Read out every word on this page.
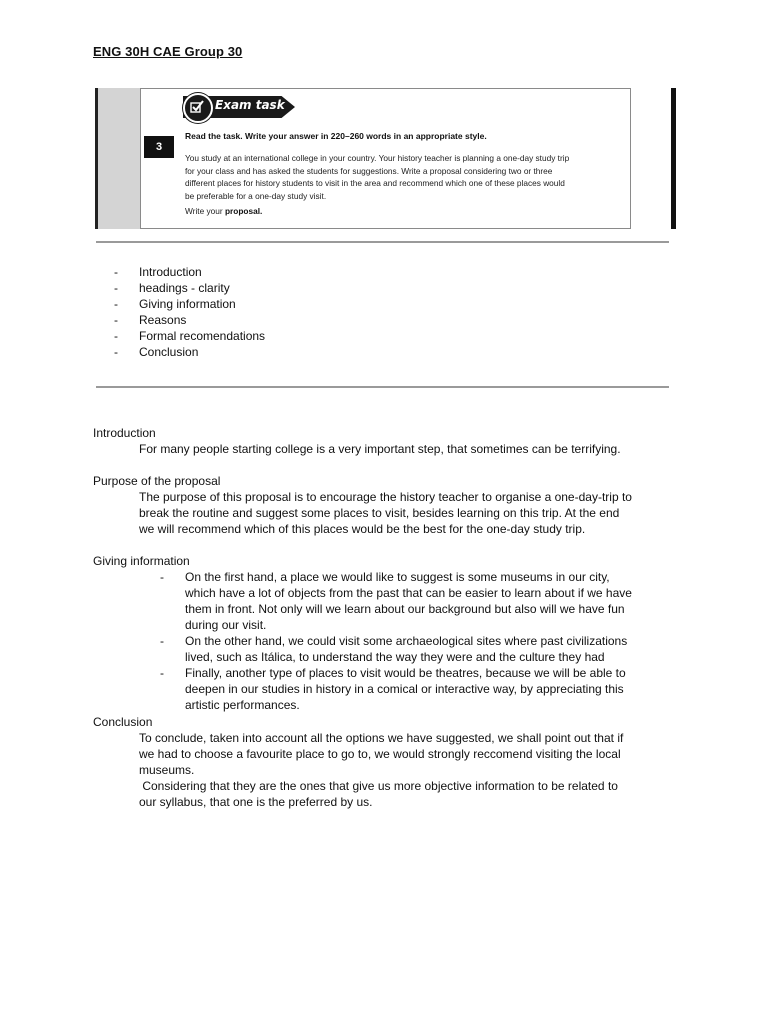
ENG 30H CAE Group 30
Exam task
3
Read the task. Write your answer in 220–260 words in an appropriate style.
You study at an international college in your country. Your history teacher is planning a one-day study trip
for your class and has asked the students for suggestions. Write a proposal considering two or three
different places for history students to visit in the area and recommend which one of these places would
be preferable for a one-day study visit.
Write your proposal.
- Introduction
- headings - clarity
- Giving information
- Reasons
- Formal recomendations
- Conclusion
Introduction
For many people starting college is a very important step, that sometimes can be terrifying.
Purpose of the proposal
The purpose of this proposal is to encourage the history teacher to organise a one-day-trip to
break the routine and suggest some places to visit, besides learning on this trip. At the end
we will recommend which of this places would be the best for the one-day study trip.
Giving information
- On the first hand, a place we would like to suggest is some museums in our city,
which have a lot of objects from the past that can be easier to learn about if we have
them in front. Not only will we learn about our background but also will we have fun
during our visit.
- On the other hand, we could visit some archaeological sites where past civilizations
lived, such as Itálica, to understand the way they were and the culture they had
- Finally, another type of places to visit would be theatres, because we will be able to
deepen in our studies in history in a comical or interactive way, by appreciating this
artistic performances.
Conclusion
To conclude, taken into account all the options we have suggested, we shall point out that if
we had to choose a favourite place to go to, we would strongly reccomend visiting the local
museums.
Considering that they are the ones that give us more objective information to be related to
our syllabus, that one is the preferred by us.
